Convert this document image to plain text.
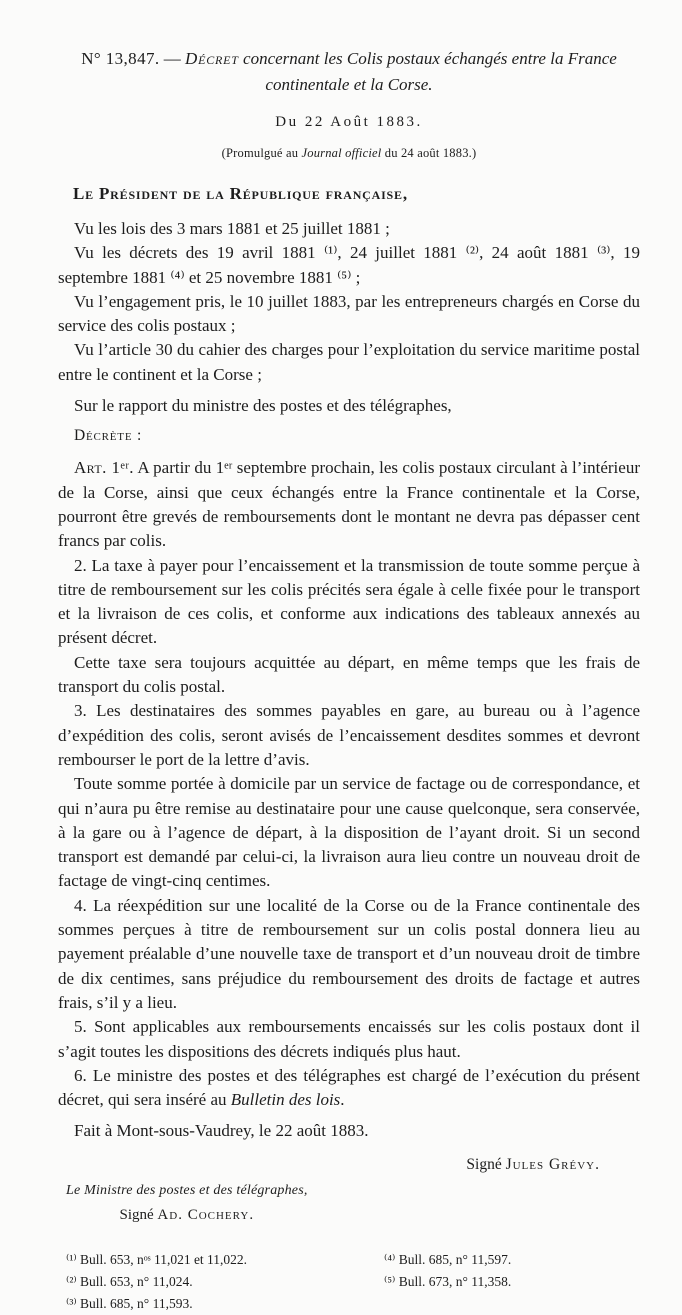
N° 13,847. — Décret concernant les Colis postaux échangés entre la France continentale et la Corse.

Du 22 Août 1883.

(Promulgué au Journal officiel du 24 août 1883.)

Le Président de la République française,

Vu les lois des 3 mars 1881 et 25 juillet 1881 ;

Vu les décrets des 19 avril 1881 ⁽¹⁾, 24 juillet 1881 ⁽²⁾, 24 août 1881 ⁽³⁾, 19 septembre 1881 ⁽⁴⁾ et 25 novembre 1881 ⁽⁵⁾ ;

Vu l’engagement pris, le 10 juillet 1883, par les entrepreneurs chargés en Corse du service des colis postaux ;

Vu l’article 30 du cahier des charges pour l’exploitation du service maritime postal entre le continent et la Corse ;

Sur le rapport du ministre des postes et des télégraphes,

Décrète :

Art. 1ᵉʳ. A partir du 1ᵉʳ septembre prochain, les colis postaux circulant à l’intérieur de la Corse, ainsi que ceux échangés entre la France continentale et la Corse, pourront être grevés de remboursements dont le montant ne devra pas dépasser cent francs par colis.

2. La taxe à payer pour l’encaissement et la transmission de toute somme perçue à titre de remboursement sur les colis précités sera égale à celle fixée pour le transport et la livraison de ces colis, et conforme aux indications des tableaux annexés au présent décret.

Cette taxe sera toujours acquittée au départ, en même temps que les frais de transport du colis postal.

3. Les destinataires des sommes payables en gare, au bureau ou à l’agence d’expédition des colis, seront avisés de l’encaissement desdites sommes et devront rembourser le port de la lettre d’avis.

Toute somme portée à domicile par un service de factage ou de correspondance, et qui n’aura pu être remise au destinataire pour une cause quelconque, sera conservée, à la gare ou à l’agence de départ, à la disposition de l’ayant droit. Si un second transport est demandé par celui-ci, la livraison aura lieu contre un nouveau droit de factage de vingt-cinq centimes.

4. La réexpédition sur une localité de la Corse ou de la France continentale des sommes perçues à titre de remboursement sur un colis postal donnera lieu au payement préalable d’une nouvelle taxe de transport et d’un nouveau droit de timbre de dix centimes, sans préjudice du remboursement des droits de factage et autres frais, s’il y a lieu.

5. Sont applicables aux remboursements encaissés sur les colis postaux dont il s’agit toutes les dispositions des décrets indiqués plus haut.

6. Le ministre des postes et des télégraphes est chargé de l’exécution du présent décret, qui sera inséré au Bulletin des lois.

Fait à Mont-sous-Vaudrey, le 22 août 1883.

Signé Jules Grévy.

Le Ministre des postes et des télégraphes,

Signé Ad. Cochery.

⁽¹⁾ Bull. 653, nᵒˢ 11,021 et 11,022.

⁽²⁾ Bull. 653, n° 11,024.

⁽³⁾ Bull. 685, n° 11,593.

⁽⁴⁾ Bull. 685, n° 11,597.

⁽⁵⁾ Bull. 673, n° 11,358.
